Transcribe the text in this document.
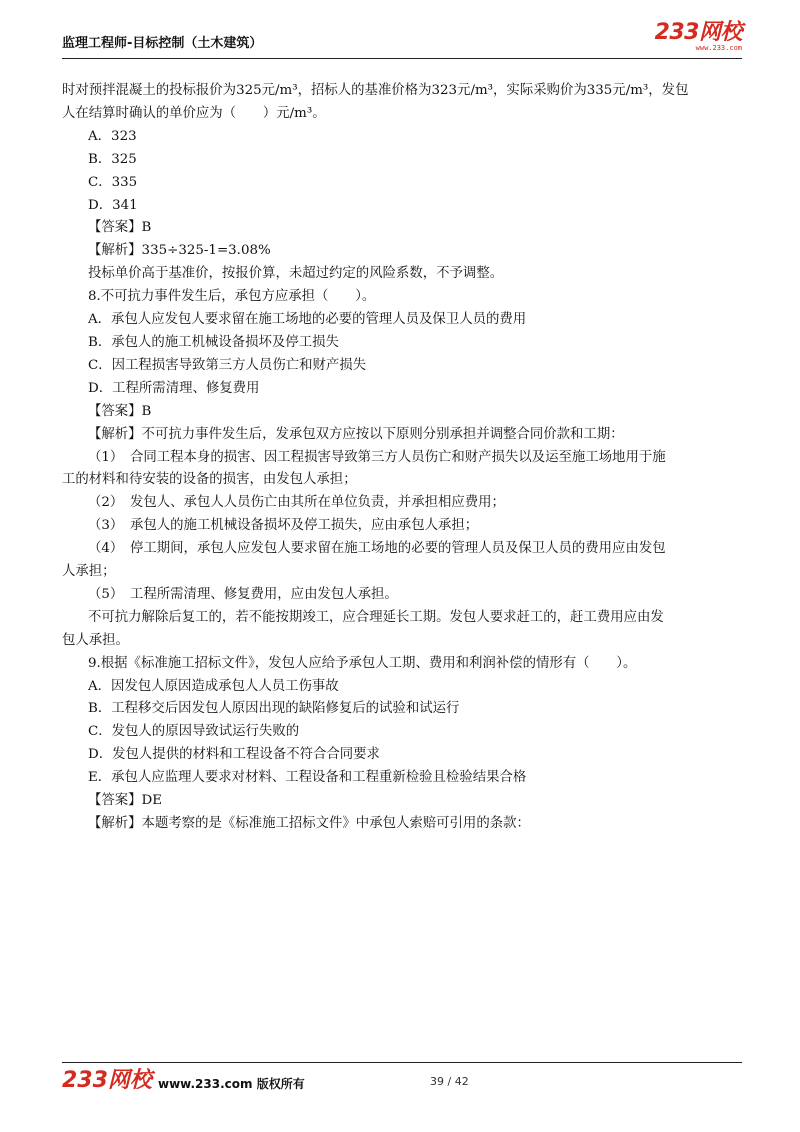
监理工程师-目标控制（土木建筑）	233网校
www.233.com
时对预拌混凝土的投标报价为325元/m³，招标人的基准价格为323元/m³，实际采购价为335元/m³，发包
人在结算时确认的单价应为（　　）元/m³。
A．323
B．325
C．335
D．341
【答案】B
【解析】335÷325-1=3.08%
投标单价高于基准价，按报价算，未超过约定的风险系数，不予调整。
8.不可抗力事件发生后，承包方应承担（　　）。
A．承包人应发包人要求留在施工场地的必要的管理人员及保卫人员的费用
B．承包人的施工机械设备损坏及停工损失
C．因工程损害导致第三方人员伤亡和财产损失
D．工程所需清理、修复费用
【答案】B
【解析】不可抗力事件发生后，发承包双方应按以下原则分别承担并调整合同价款和工期：
（1）　合同工程本身的损害、因工程损害导致第三方人员伤亡和财产损失以及运至施工场地用于施
工的材料和待安装的设备的损害，由发包人承担；
（2）　发包人、承包人人员伤亡由其所在单位负责，并承担相应费用；
（3）　承包人的施工机械设备损坏及停工损失，应由承包人承担；
（4）　停工期间，承包人应发包人要求留在施工场地的必要的管理人员及保卫人员的费用应由发包
人承担；
（5）　工程所需清理、修复费用，应由发包人承担。
不可抗力解除后复工的，若不能按期竣工，应合理延长工期。发包人要求赶工的，赶工费用应由发
包人承担。
9.根据《标准施工招标文件》，发包人应给予承包人工期、费用和利润补偿的情形有（　　）。
A．因发包人原因造成承包人人员工伤事故
B．工程移交后因发包人原因出现的缺陷修复后的试验和试运行
C．发包人的原因导致试运行失败的
D．发包人提供的材料和工程设备不符合合同要求
E．承包人应监理人要求对材料、工程设备和工程重新检验且检验结果合格
【答案】DE
【解析】本题考察的是《标准施工招标文件》中承包人索赔可引用的条款：
233网校 www.233.com 版权所有	39 / 42
